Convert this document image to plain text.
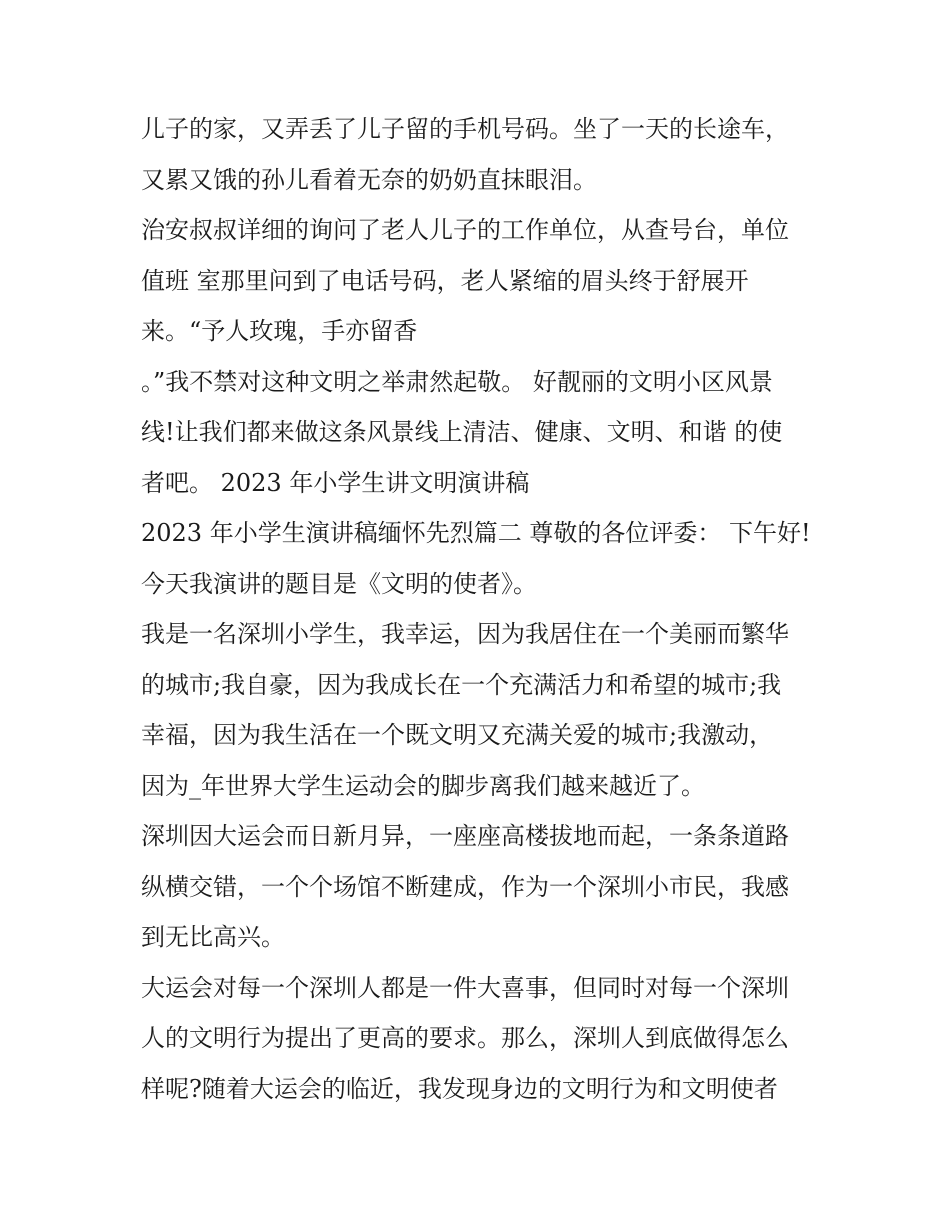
儿子的家，又弄丢了儿子留的手机号码。坐了一天的长途车，
又累又饿的孙儿看着无奈的奶奶直抹眼泪。
治安叔叔详细的询问了老人儿子的工作单位，从查号台，单位
值班 室那里问到了电话号码，老人紧缩的眉头终于舒展开
来。“予人玫瑰，手亦留香
。”我不禁对这种文明之举肃然起敬。 好靓丽的文明小区风景
线!让我们都来做这条风景线上清洁、健康、文明、和谐 的使
者吧。 2023 年小学生讲文明演讲稿
2023 年小学生演讲稿缅怀先烈篇二 尊敬的各位评委： 下午好!
今天我演讲的题目是《文明的使者》。
我是一名深圳小学生，我幸运，因为我居住在一个美丽而繁华
的城市;我自豪，因为我成长在一个充满活力和希望的城市;我
幸福，因为我生活在一个既文明又充满关爱的城市;我激动，
因为_年世界大学生运动会的脚步离我们越来越近了。
深圳因大运会而日新月异，一座座高楼拔地而起，一条条道路
纵横交错，一个个场馆不断建成，作为一个深圳小市民，我感
到无比高兴。
大运会对每一个深圳人都是一件大喜事，但同时对每一个深圳
人的文明行为提出了更高的要求。那么，深圳人到底做得怎么
样呢?随着大运会的临近，我发现身边的文明行为和文明使者
